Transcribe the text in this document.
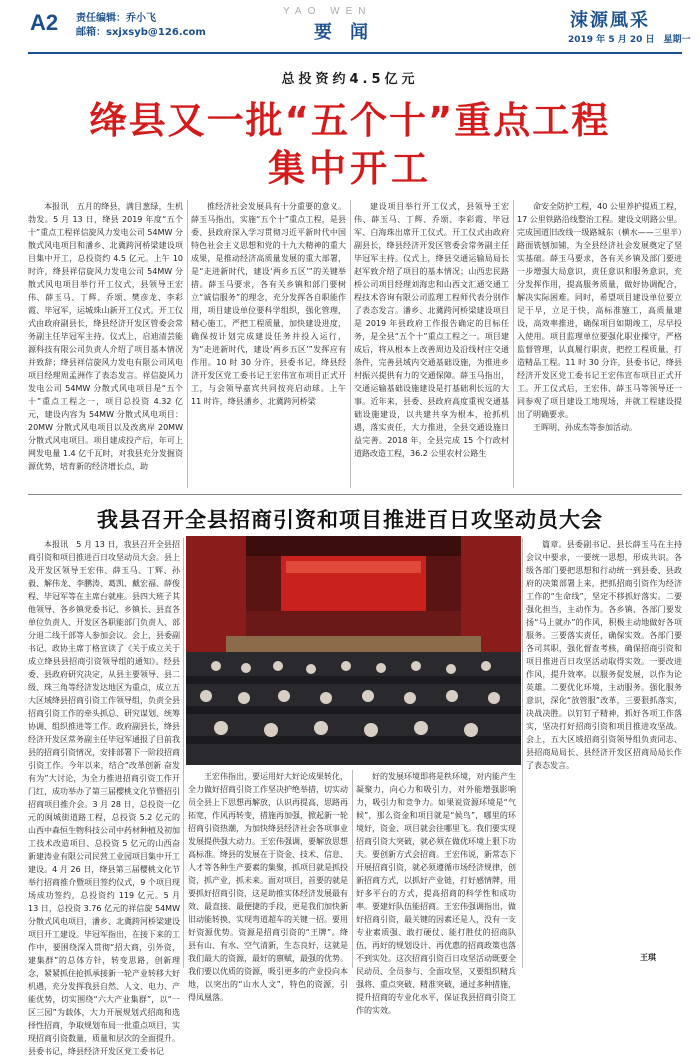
A2 责任编辑：乔小飞
邮箱：sxjxsyb@126.com
YAO WEN
要　闻
涑源風采
2019 年 5 月 20 日　星期一
总投资约4.5亿元
绛县又一批“五个十”重点工程
集中开工

本报讯　五月的绛县，满目葱绿，生机勃发。5 月 13 日，绛县 2019 年度“五个十”重点工程祥信旋风力发电公司 54MW 分散式风电项目和潘乡、北冀跨河桥梁建设项目集中开工，总投资约 4.5 亿元。上午 10 时许，绛县祥信旋风力发电公司 54MW 分散式风电项目举行开工仪式，县领导王宏伟、薛玉马、丁辉、乔颂、樊彦龙、李彩霞、毕冠军，运城珠山新开工仪式。开工仪式由政府副县长，绛县经济开发区管委会常务副主任毕冠军主持。仪式上，启迪清芸能源科技有限公司负责人介绍了项目基本情况并致辞；绛县祥信旋风力发电有限公司风电项目经理周孟洲作了表态发言。祥信旋风力发电公司 54MW 分散式风电项目是“五个十”重点工程之一，项目总投资 4.32 亿元，建设内容为 54MW 分散式风电项目：20MW 分散式风电项目以及改离岸 20MW 分散式风电项目。项目建成投产后，年可上网发电量 1.4 亿千瓦时，对我县充分发掘资源优势，培育新的经济增长点，助

推经济社会发展具有十分重要的意义。薛玉马指出，实施“五个十”重点工程，是县委、县政府深入学习贯彻习近平新时代中国特色社会主义思想和党的十九大精神的重大成果，是推动经济高质量发展的重大部署，是“走进新时代，建设‘两乡五区’”的关键举措。薛玉马要求，各有关乡镇和部门要树立“诚信服务”的理念，充分发挥各自职能作用，项目建设单位要科学组织，强化管理，精心施工，严把工程质量，加快建设进度，确保按计划完成建设任务并投入运行，为“走进新时代，建设‘两乡五区’”发挥应有作用。10 时 30 分许，县委书记，绛县经济开发区党工委书记王宏伟宣布项目正式开工，与会领导嘉宾共同按亮启动球。上午 11 时许，绛县潘乡、北冀跨河桥梁

建设项目举行开工仪式，县领导王宏伟、薛玉马、丁辉、乔颂、李彩霞、毕冠军、白海珠出席开工仪式。开工仪式由政府副县长，绛县经济开发区管委会常务副主任毕冠军主持。仪式上，绛县交通运输局局长赵军致介绍了项目的基本情况；山西忠民路桥公司项目经理刘海忠和山西文汇通交通工程技术咨询有限公司监理工程师代表分别作了表态发言。潘乡、北冀跨河桥梁建设项目是 2019 年县政府工作报告确定的目标任务，是全县“五个十”重点工程之一。项目建成后，将从根本上改善周边及沿线村庄交通条件，完善县域内交通基础设施，为推进乡村振兴提供有力的交通保障。薛玉马指出，交通运输基础设施建设是打基础利长远的大事。近年来，县委、县政府高度重视交通基础设施建设，以共建共享为根本，抢抓机遇，落实责任，大力推进，全县交通设施日益完善。2018 年，全县完成 15 个行政村道路改造工程，36.2 公里农村公路生

命安全防护工程，40 公里养护提质工程，17 公里铁路沿线整治工程。建设文明路公里。完成国道旧改线一级路城东（横水——三里半）路面铣刨加铺，为全县经济社会发展奠定了坚实基础。薛玉马要求，各有关乡镇及部门要进一步增强大局意识，责任意识和服务意识，充分发挥作用，提高服务质量，做好协调配合，解决实际困难。同时，希望项目建设单位要立足于早，立足于快，高标准施工，高质量建设，高效率推进，确保项目如期竣工，尽早投入使用。项目监理单位要强化职业操守，严格监督管理，认真履行职责，把控工程质量，打造精品工程。11 时 30 分许，县委书记，绛县经济开发区党工委书记王宏伟宣布项目正式开工。开工仪式后，王宏伟、薛玉马等领导还一同参观了项目建设工地现场，并就工程建设提出了明确要求。

王晖明、孙成杰等参加活动。

我县召开全县招商引资和项目推进百日攻坚动员大会

本报讯　5 月 13 日，我县召开全县招商引资和项目推进百日攻坚动员大会。县上及开发区领导王宏伟、薛玉马、丁辉、孙毅、解伟龙、李鹏涛、葛凯、戴宏福、薛俊程、毕冠军等在主席台就座。县四大班子其他领导、各乡镇党委书记、乡镇长、县直各单位负责人、开发区各职能部门负责人、部分退二线干部等人参加会议。会上，县委副书记、政协主席丁格宣读了《关于成立关于成立绛县县招商引资领导组的通知》。经县委、县政府研究决定，从县主要领导、县二级、珠三角等经济发达地区为重点，成立五大区域绛县招商引资工作领导组，负责全县招商引资工作的牵头抓总、研究谋划、统筹协调、组织推进等工作。政府副县长，绛县经济开发区常务副主任毕冠军通报了目前我县的招商引资情况，安排部署下一阶段招商引资工作。今年以来，结合“改革创新 奋发有为”大讨论，为全力推进招商引资工作开门红，成功举办了第三届樱桃文化节暨招引招商项目推介会。3 月 28 日，总投资一亿元的闽城街道路工程，总投资 5.2 亿元的山西中森恒生物科技公司中药材种植及初加工技术改造项目、总投资 5 亿元的山西奋新建涛业有限公司民营工业园项目集中开工建设。4 月 26 日，绛县第三届樱桃文化节举行招商推介暨项目签约仪式，9 个项目现场成功签约，总投资约 119 亿元。5 月 13 日，总投资 3.76 亿元的祥信旋 54MW 分散式风电项目，潘乡、北冀跨河桥梁建设项目开工建设。毕冠军指出，在接下来的工作中，要围绕深入贯彻“招大商，引外资，建集群”的总体方针，转变思路，创新理念，紧紧抓住抢抓承接新一轮产业转移大好机遇，充分发挥我县自然、人文、电力、产能优势，切实围绕“六大产业集群”，以“一区三园”为载体，大力开展规划式招商和选择性招商，争取规划布局一批重点项目，实现招商引资数量，质量和层次的全面提升。县委书记，绛县经济开发区党工委书记

王宏伟指出，要运用好大好论成果转化，全力做好招商引资工作坚决护绝举措，切实动员全县上下思想再解放，认识再提高，思路再拓宽，作风再转变，措施再加强，掀起新一轮招商引资热潮，为加快绛县经济社会各项事业发展提供强大动力。王宏伟强调，要解放思想高标准。绛县的发展在于资金、技术、信息、人才等各种生产要素的集聚，抓项目就是抓投资，抓产业，抓未来。面对项目，首要的就是要抓好招商引资，这是助推实体经济发展最有效、最直接、最便捷的手段，更是我们加快新旧动能转换、实现弯道超车的关键一招。要用好资源优势。资源是招商引资的“王牌”。绛县有山、有水、空气清新，生态良好，这就是我们最大的资源，最好的禀赋，最强的优势。我们要以优质的资源，吸引更多的产业投向本地，以突出的“山水人文”，特色的资源，引得凤凰落。

好的发展环境即将是秩环境，对内能产生凝聚力，向心力和吸引力，对外能增强影响力，吸引力和竞争力。如果说资源环境是“气候”，那么资金和项目就是“候鸟”，哪里的环境好，资金、项目就会往哪里飞。我们要实现招商引资大突破，就必须在做优环境上狠下功夫。要创新方式会招商。王宏伟说，新常态下开展招商引资，就必须遵循市场经济规律，创新招商方式，以抓好产业链，打好感情牌，用好多平台的方式，提高招商的科学性和成功率。要建好队伍能招商。王宏伟强调指出，做好招商引资，最关键的因素还是人，没有一支专业素质强、敢打硬仗、能打胜仗的招商队伍，再好的规划设计、再优惠的招商政策也落不到实处。这次招商引资百日攻坚活动既要全民动员、全员参与、全面攻坚，又要组织精兵强将、重点突破、精准突破，通过多种措施，提升招商的专业化水平，保证我县招商引资工作的实效。

篇章。县委副书记、县长薛玉马在主持会议中要求，一要统一思想，形成共识。各级各部门要把思想和行动统一到县委、县政府的决策部署上来，把抓招商引资作为经济工作的“生命线”，坚定不移抓好落实。二要强化担当，主动作为。各乡镇、各部门要发扬“马上就办”的作风，积极主动地做好各项服务。三要落实责任，确保实效。各部门要各司其职，强化督查考核，确保招商引资和项目推进百日攻坚活动取得实效。一要改进作风，提升效率。以服务促发展，以作为论英雄。二要优化环境，主动服务。强化服务意识，深化“放管服”改革，三要狠抓落实，决战决胜。以钉钉子精神，抓好各项工作落实，坚决打好招商引资和项目推进攻坚战。会上，五大区域招商引资领导组负责同志、县招商局局长、县经济开发区招商局局长作了表态发言。

王琪
